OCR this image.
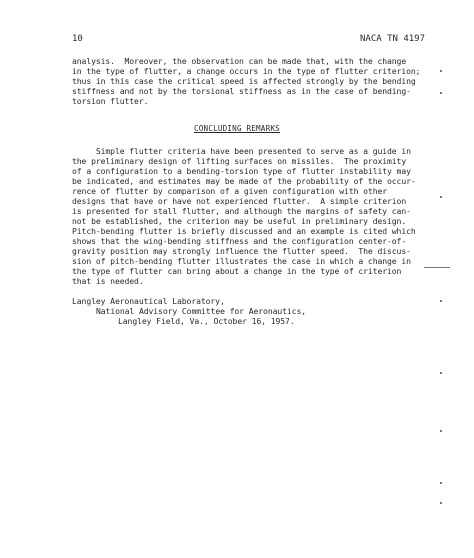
10	NACA TN 4197
analysis.  Moreover, the observation can be made that, with the change
in the type of flutter, a change occurs in the type of flutter criterion;
thus in this case the critical speed is affected strongly by the bending
stiffness and not by the torsional stiffness as in the case of bending-
torsion flutter.
CONCLUDING REMARKS
Simple flutter criteria have been presented to serve as a guide in
the preliminary design of lifting surfaces on missiles.  The proximity
of a configuration to a bending-torsion type of flutter instability may
be indicated, and estimates may be made of the probability of the occur-
rence of flutter by comparison of a given configuration with other
designs that have or have not experienced flutter.  A simple criterion
is presented for stall flutter, and although the margins of safety can-
not be established, the criterion may be useful in preliminary design.
Pitch-bending flutter is briefly discussed and an example is cited which
shows that the wing-bending stiffness and the configuration center-of-
gravity position may strongly influence the flutter speed.  The discus-
sion of pitch-bending flutter illustrates the case in which a change in
the type of flutter can bring about a change in the type of criterion
that is needed.
Langley Aeronautical Laboratory,
National Advisory Committee for Aeronautics,
Langley Field, Va., October 16, 1957.
